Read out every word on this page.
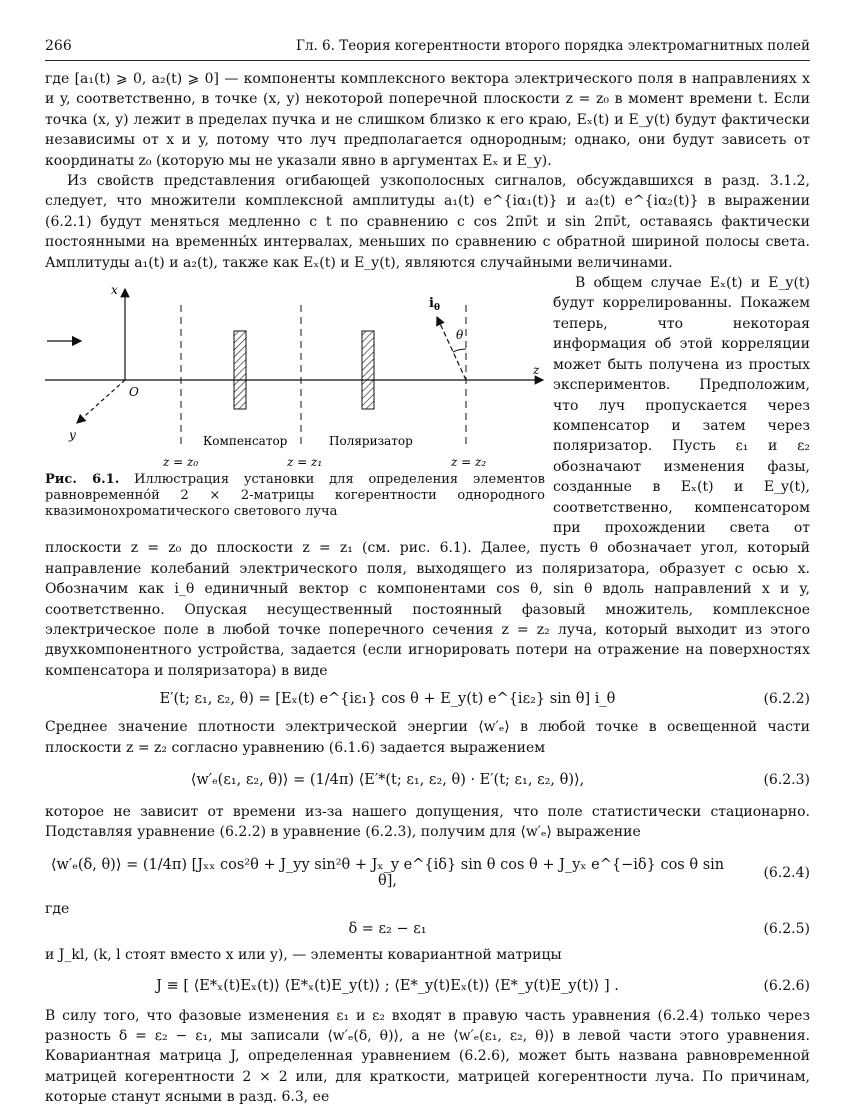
266	Гл. 6. Теория когерентности второго порядка электромагнитных полей

где [a₁(t) ⩾ 0, a₂(t) ⩾ 0] — компоненты комплексного вектора электрического поля в направлениях x и y, соответственно, в точке (x, y) некоторой поперечной плоскости z = z₀ в момент времени t. Если точка (x, y) лежит в пределах пучка и не слишком близко к его краю, Eₓ(t) и E_y(t) будут фактически независимы от x и y, потому что луч предполагается однородным; однако, они будут зависеть от координаты z₀ (которую мы не указали явно в аргументах Eₓ и E_y).

Из свойств представления огибающей узкополосных сигналов, обсуждавшихся в разд. 3.1.2, следует, что множители комплексной амплитуды a₁(t) e^{iα₁(t)} и a₂(t) e^{iα₂(t)} в выражении (6.2.1) будут меняться медленно с t по сравнению с cos 2πν̄t и sin 2πν̄t, оставаясь фактически постоянными на временны́х интервалах, меньших по сравнению с обратной шириной полосы света. Амплитуды a₁(t) и a₂(t), также как Eₓ(t) и E_y(t), являются случайными величинами.

x
y
z
O
$i_\theta$
θ
Компенсатор	Поляризатор
z = z₀	z = z₁	z = z₂
Рис. 6.1. Иллюстрация установки для определения элементов равновременно́й 2 × 2-матрицы когерентности однородного квазимонохроматического светового луча

В общем случае Eₓ(t) и E_y(t) будут коррелированны. Покажем теперь, что некоторая информация об этой корреляции может быть получена из простых экспериментов. Предположим, что луч пропускается через компенсатор и затем через поляризатор. Пусть ε₁ и ε₂ обозначают изменения фазы, созданные в Eₓ(t) и E_y(t), соответственно, компенсатором при прохождении света от плоскости z = z₀ до плоскости z = z₁ (см. рис. 6.1). Далее, пусть θ обозначает угол, который направление колебаний электрического поля, выходящего из поляризатора, образует с осью x. Обозначим как i_θ единичный вектор с компонентами cos θ, sin θ вдоль направлений x и y, соответственно. Опуская несущественный постоянный фазовый множитель, комплексное электрическое поле в любой точке поперечного сечения z = z₂ луча, который выходит из этого двухкомпонентного устройства, задается (если игнорировать потери на отражение на поверхностях компенсатора и поляризатора) в виде

E′(t; ε₁, ε₂, θ) = [Eₓ(t) e^{iε₁} cos θ + E_y(t) e^{iε₂} sin θ] i_θ	(6.2.2)

Среднее значение плотности электрической энергии ⟨w′ₑ⟩ в любой точке в освещенной части плоскости z = z₂ согласно уравнению (6.1.6) задается выражением

⟨w′ₑ(ε₁, ε₂, θ)⟩ = (1/4π) ⟨E′*(t; ε₁, ε₂, θ) · E′(t; ε₁, ε₂, θ)⟩,	(6.2.3)

которое не зависит от времени из-за нашего допущения, что поле статистически стационарно. Подставляя уравнение (6.2.2) в уравнение (6.2.3), получим для ⟨w′ₑ⟩ выражение

⟨w′ₑ(δ, θ)⟩ = (1/4π) [Jₓₓ cos²θ + J_yy sin²θ + Jₓ_y e^{iδ} sin θ cos θ + J_yₓ e^{−iδ} cos θ sin θ],	(6.2.4)

где

δ = ε₂ − ε₁	(6.2.5)

и J_kl, (k, l стоят вместо x или y), — элементы ковариантной матрицы

J ≡ [ ⟨E*ₓ(t)Eₓ(t)⟩ ⟨E*ₓ(t)E_y(t)⟩ ; ⟨E*_y(t)Eₓ(t)⟩ ⟨E*_y(t)E_y(t)⟩ ] .	(6.2.6)

В силу того, что фазовые изменения ε₁ и ε₂ входят в правую часть уравнения (6.2.4) только через разность δ = ε₂ − ε₁, мы записали ⟨w′ₑ(δ, θ)⟩, а не ⟨w′ₑ(ε₁, ε₂, θ)⟩ в левой части этого уравнения. Ковариантная матрица J, определенная уравнением (6.2.6), может быть названа равновременной матрицей когерентности 2 × 2 или, для краткости, матрицей когерентности луча. По причинам, которые станут ясными в разд. 6.3, ее
